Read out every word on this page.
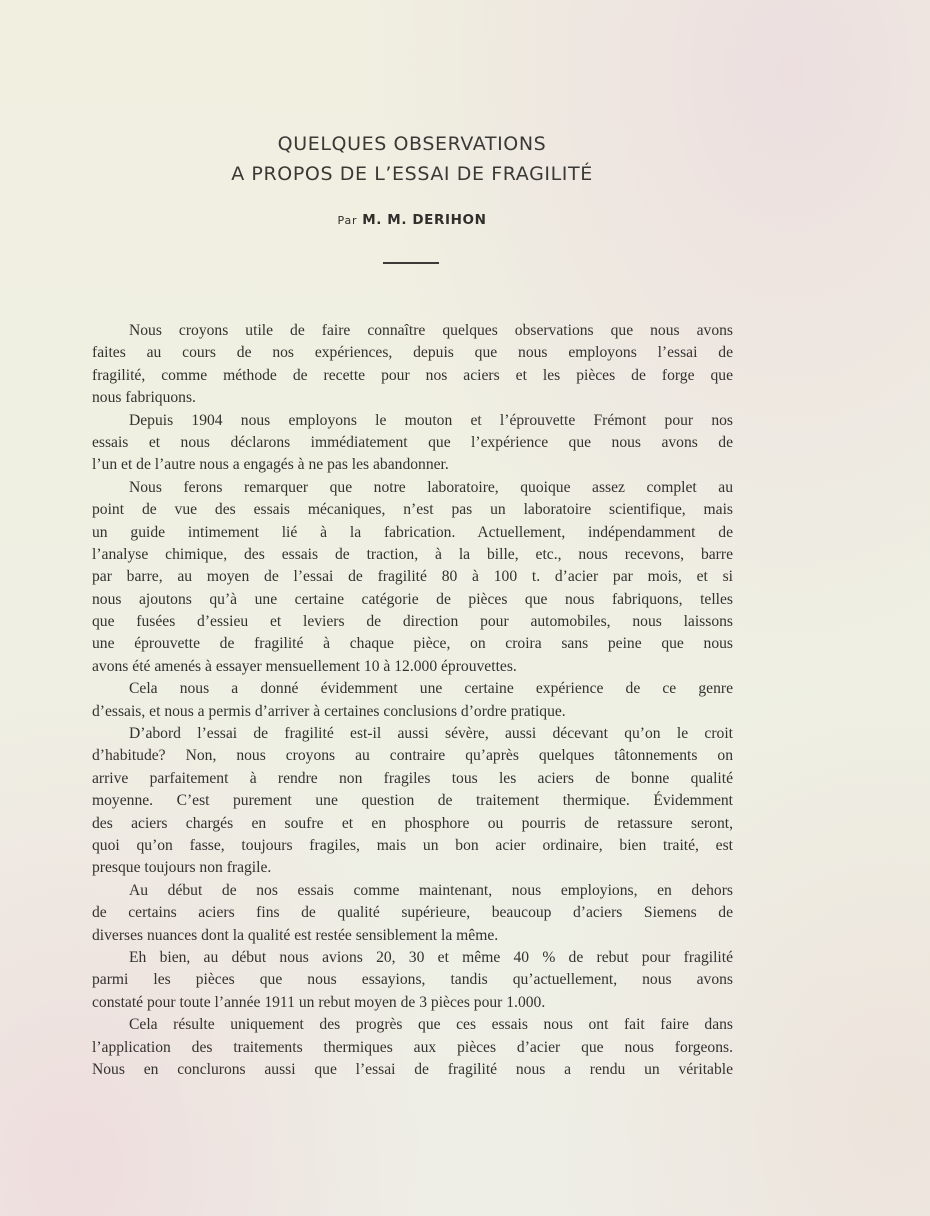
QUELQUES OBSERVATIONS
A PROPOS DE L’ESSAI DE FRAGILITÉ
Par M. M. DERIHON
Nous croyons utile de faire connaître quelques observations que nous avons
faites au cours de nos expériences, depuis que nous employons l’essai de
fragilité, comme méthode de recette pour nos aciers et les pièces de forge que
nous fabriquons.
Depuis 1904 nous employons le mouton et l’éprouvette Frémont pour nos
essais et nous déclarons immédiatement que l’expérience que nous avons de
l’un et de l’autre nous a engagés à ne pas les abandonner.
Nous ferons remarquer que notre laboratoire, quoique assez complet au
point de vue des essais mécaniques, n’est pas un laboratoire scientifique, mais
un guide intimement lié à la fabrication. Actuellement, indépendamment de
l’analyse chimique, des essais de traction, à la bille, etc., nous recevons, barre
par barre, au moyen de l’essai de fragilité 80 à 100 t. d’acier par mois, et si
nous ajoutons qu’à une certaine catégorie de pièces que nous fabriquons, telles
que fusées d’essieu et leviers de direction pour automobiles, nous laissons
une éprouvette de fragilité à chaque pièce, on croira sans peine que nous
avons été amenés à essayer mensuellement 10 à 12.000 éprouvettes.
Cela nous a donné évidemment une certaine expérience de ce genre
d’essais, et nous a permis d’arriver à certaines conclusions d’ordre pratique.
D’abord l’essai de fragilité est-il aussi sévère, aussi décevant qu’on le croit
d’habitude? Non, nous croyons au contraire qu’après quelques tâtonnements on
arrive parfaitement à rendre non fragiles tous les aciers de bonne qualité
moyenne. C’est purement une question de traitement thermique. Évidemment
des aciers chargés en soufre et en phosphore ou pourris de retassure seront,
quoi qu’on fasse, toujours fragiles, mais un bon acier ordinaire, bien traité, est
presque toujours non fragile.
Au début de nos essais comme maintenant, nous employions, en dehors
de certains aciers fins de qualité supérieure, beaucoup d’aciers Siemens de
diverses nuances dont la qualité est restée sensiblement la même.
Eh bien, au début nous avions 20, 30 et même 40 % de rebut pour fragilité
parmi les pièces que nous essayions, tandis qu’actuellement, nous avons
constaté pour toute l’année 1911 un rebut moyen de 3 pièces pour 1.000.
Cela résulte uniquement des progrès que ces essais nous ont fait faire dans
l’application des traitements thermiques aux pièces d’acier que nous forgeons.
Nous en conclurons aussi que l’essai de fragilité nous a rendu un véritable
